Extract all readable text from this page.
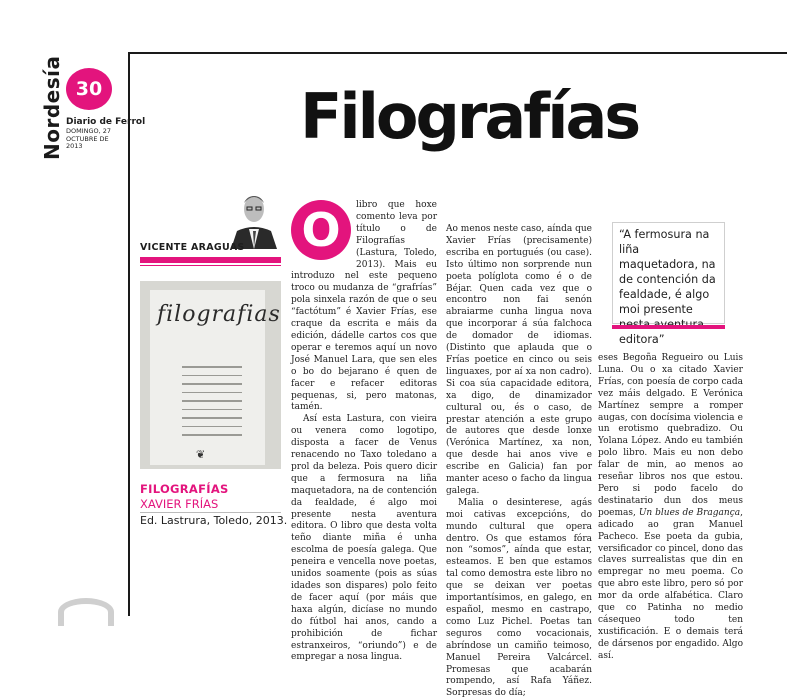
Nordesía 30
Diario de Ferrol
DOMINGO, 27 OCTUBRE DE 2013	Filografías
VICENTE ARAGUAS
filografias
❦
FILOGRAFÍAS
XAVIER FRÍAS
Ed. Lastrura, Toledo, 2013.

O	libro que hoxe comento leva por título o de Filografías (Lastura, Toledo, 2013). Mais eu introduzo nel este pequeno troco ou mudanza de “grafrías” pola sinxela razón de que o seu “factótum” é Xavier Frías, ese craque da escrita e máis da edición, dádelle cartos cos que operar e teremos aquí un novo José Manuel Lara, que sen eles o bo do bejarano é quen de facer e refacer editoras pequenas, si, pero matonas, tamén.

Así esta Lastura, con vieira ou venera como logotipo, disposta a facer de Venus renacendo no Taxo toledano a prol da beleza. Pois quero dicir que a fermosura na liña maquetadora, na de contención da fealdade, é algo moi presente nesta aventura editora. O libro que desta volta teño diante miña é unha escolma de poesía galega. Que peneira e vencella nove poetas, unidos soamente (pois as súas idades son dispares) polo feito de facer aquí (por máis que haxa algún, dicíase no mundo do fútbol hai anos, cando a prohibición de fichar estranxeiros, “oriundo”) e de empregar a nosa lingua.

Ao menos neste caso, aínda que Xavier Frías (precisamente) escriba en portugués (ou case). Isto último non sorprende nun poeta políglota como é o de Béjar. Quen cada vez que o encontro non fai senón abraiarme cunha lingua nova que incorporar á súa falchoca de domador de idiomas. (Distinto que aplauda que o Frías poetice en cinco ou seis linguaxes, por aí xa non cadro). Si coa súa capacidade editora, xa digo, de dinamizador cultural ou, és o caso, de prestar atención a este grupo de autores que desde lonxe (Verónica Martínez, xa non, que desde hai anos vive e escribe en Galicia) fan por manter aceso o facho da lingua galega.

Malia o desinterese, agás moi cativas excepcións, do mundo cultural que opera dentro. Os que estamos fóra non “somos”, aínda que estar, esteamos. E ben que estamos tal como demostra este libro no que se deixan ver poetas importantísimos, en galego, en español, mesmo en castrapo, como Luz Pichel. Poetas tan seguros como vocacionais, abríndose un camiño teimoso, Manuel Pereira Valcárcel. Promesas que acabarán rompendo, así Rafa Yáñez. Sorpresas do día;

“A fermosura na liña maquetadora, na de contención da fealdade, é algo moi presente editora”

eses Begoña Regueiro ou Luis Luna. Ou o xa citado Xavier Frías, con poesía de corpo cada vez máis delgado. E Verónica Martínez sempre a romper augas, con docísima violencia e un erotismo quebradizo. Ou Yolana López. Ando eu también polo libro. Mais eu non debo falar de min, ao menos ao reseñar libros nos que estou. Pero si podo facelo do destinatario dun dos meus poemas, Un blues de Bragança, adicado ao gran Manuel Pacheco. Ese poeta da gubia, versificador co pincel, dono das claves surrealistas que din en empregar no meu poema. Co que abro este libro, pero só por mor da orde alfabética. Claro que co Patinha no medio cásequeo todo ten xustificación. E o demais terá de dársenos por engadido. Algo así.
